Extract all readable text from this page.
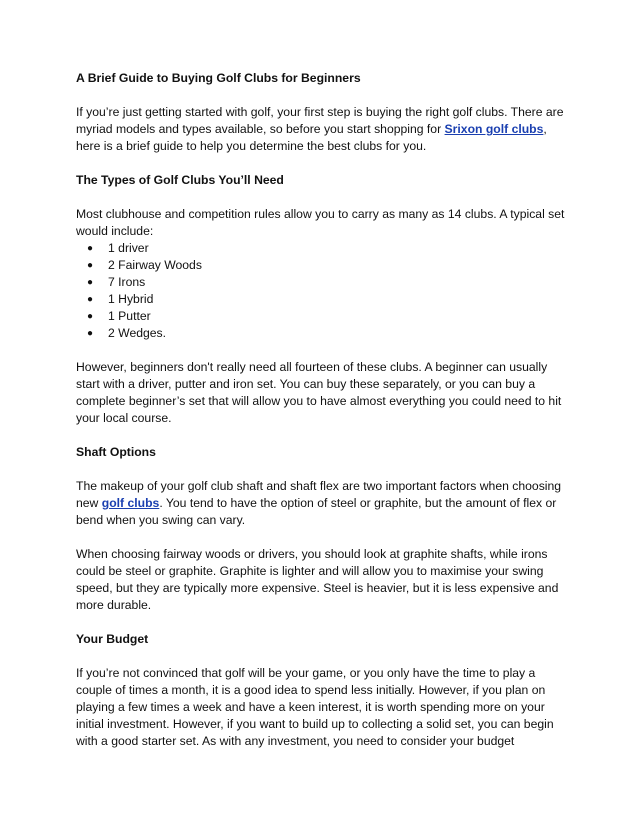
A Brief Guide to Buying Golf Clubs for Beginners
If you’re just getting started with golf, your first step is buying the right golf clubs. There are myriad models and types available, so before you start shopping for Srixon golf clubs, here is a brief guide to help you determine the best clubs for you.
The Types of Golf Clubs You’ll Need
Most clubhouse and competition rules allow you to carry as many as 14 clubs. A typical set would include:
● 1 driver
● 2 Fairway Woods
● 7 Irons
● 1 Hybrid
● 1 Putter
● 2 Wedges.
However, beginners don't really need all fourteen of these clubs. A beginner can usually start with a driver, putter and iron set. You can buy these separately, or you can buy a complete beginner’s set that will allow you to have almost everything you could need to hit your local course.
Shaft Options
The makeup of your golf club shaft and shaft flex are two important factors when choosing new golf clubs. You tend to have the option of steel or graphite, but the amount of flex or bend when you swing can vary.
When choosing fairway woods or drivers, you should look at graphite shafts, while irons could be steel or graphite. Graphite is lighter and will allow you to maximise your swing speed, but they are typically more expensive. Steel is heavier, but it is less expensive and more durable.
Your Budget
If you’re not convinced that golf will be your game, or you only have the time to play a couple of times a month, it is a good idea to spend less initially. However, if you plan on playing a few times a week and have a keen interest, it is worth spending more on your initial investment. However, if you want to build up to collecting a solid set, you can begin with a good starter set. As with any investment, you need to consider your budget
